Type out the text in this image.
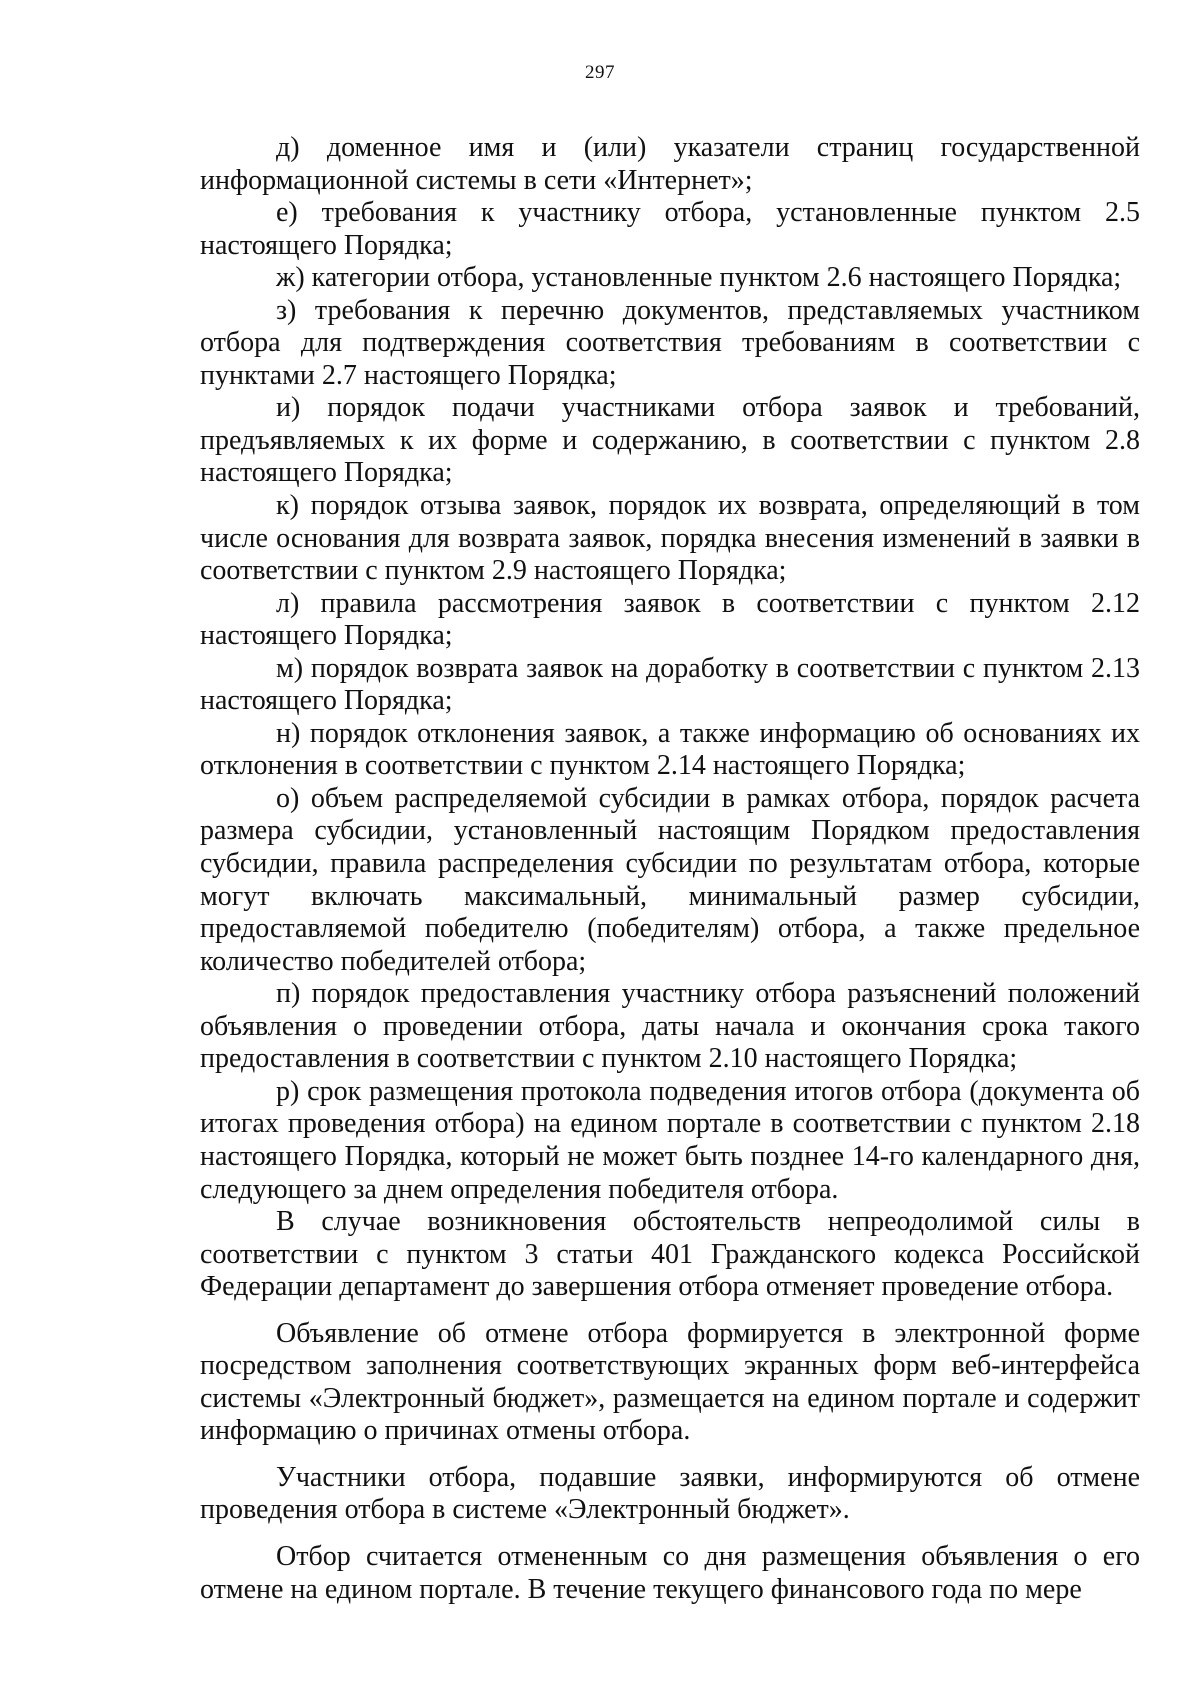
297

д) доменное имя и (или) указатели страниц государственной информационной системы в сети «Интернет»;

е) требования к участнику отбора, установленные пунктом 2.5 настоящего Порядка;

ж) категории отбора, установленные пунктом 2.6 настоящего Порядка;

з) требования к перечню документов, представляемых участником отбора для подтверждения соответствия требованиям в соответствии с пунктами 2.7 настоящего Порядка;

и) порядок подачи участниками отбора заявок и требований, предъявляемых к их форме и содержанию, в соответствии с пунктом 2.8 настоящего Порядка;

к) порядок отзыва заявок, порядок их возврата, определяющий в том числе основания для возврата заявок, порядка внесения изменений в заявки в соответствии с пунктом 2.9 настоящего Порядка;

л) правила рассмотрения заявок в соответствии с пунктом 2.12 настоящего Порядка;

м) порядок возврата заявок на доработку в соответствии с пунктом 2.13 настоящего Порядка;

н) порядок отклонения заявок, а также информацию об основаниях их отклонения в соответствии с пунктом 2.14 настоящего Порядка;

о) объем распределяемой субсидии в рамках отбора, порядок расчета размера субсидии, установленный настоящим Порядком предоставления субсидии, правила распределения субсидии по результатам отбора, которые могут включать максимальный, минимальный размер субсидии, предоставляемой победителю (победителям) отбора, а также предельное количество победителей отбора;

п) порядок предоставления участнику отбора разъяснений положений объявления о проведении отбора, даты начала и окончания срока такого предоставления в соответствии с пунктом 2.10 настоящего Порядка;

р) срок размещения протокола подведения итогов отбора (документа об итогах проведения отбора) на едином портале в соответствии с пунктом 2.18 настоящего Порядка, который не может быть позднее 14-го календарного дня, следующего за днем определения победителя отбора.

В случае возникновения обстоятельств непреодолимой силы в соответствии с пунктом 3 статьи 401 Гражданского кодекса Российской Федерации департамент до завершения отбора отменяет проведение отбора.

Объявление об отмене отбора формируется в электронной форме посредством заполнения соответствующих экранных форм веб-интерфейса системы «Электронный бюджет», размещается на едином портале и содержит информацию о причинах отмены отбора.

Участники отбора, подавшие заявки, информируются об отмене проведения отбора в системе «Электронный бюджет».

Отбор считается отмененным со дня размещения объявления о его отмене на едином портале. В течение текущего финансового года по мере
